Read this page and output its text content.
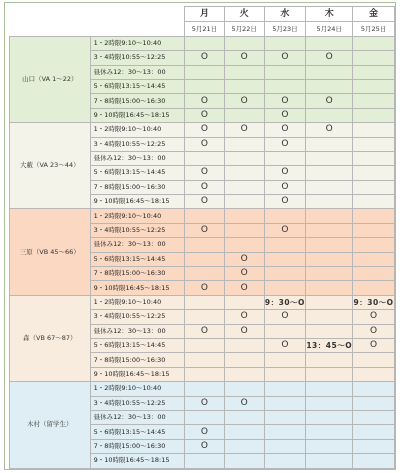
		月	火	水	木	金
		5月21日	5月22日	5月23日	5月24日	5月25日
山口（VA 1～22）	1・2時限9:10～10:40					
	3・4時限10:55～12:25	O	O	O	O	
	昼休み12：30～13：00					
	5・6時限13:15～14:45					
	7・8時限15:00～16:30	O	O	O	O	
	9・10時限16:45～18:15	O		O		
大藪（VA 23～44）	1・2時限9:10～10:40	O	O	O	O	
	3・4時限10:55～12:25	O		O		
	昼休み12：30～13：00					
	5・6時限13:15～14:45	O		O		
	7・8時限15:00～16:30	O		O		
	9・10時限16:45～18:15	O		O		
三原（VB 45～66）	1・2時限9:10～10:40					
	3・4時限10:55～12:25	O		O		
	昼休み12：30～13：00					
	5・6時限13:15～14:45		O			
	7・8時限15:00～16:30		O			
	9・10時限16:45～18:15	O	O			
森（VB 67～87）	1・2時限9:10～10:40			9：30～O		9：30～O
	3・4時限10:55～12:25		O	O		O
	昼休み12：30～13：00	O	O			O
	5・6時限13:15～14:45			O	13：45～O	O
	7・8時限15:00～16:30					
	9・10時限16:45～18:15					
木村（留学生）	1・2時限9:10～10:40					
	3・4時限10:55～12:25	O	O			
	昼休み12：30～13：00					
	5・6時限13:15～14:45	O				
	7・8時限15:00～16:30	O				
	9・10時限16:45～18:15					
